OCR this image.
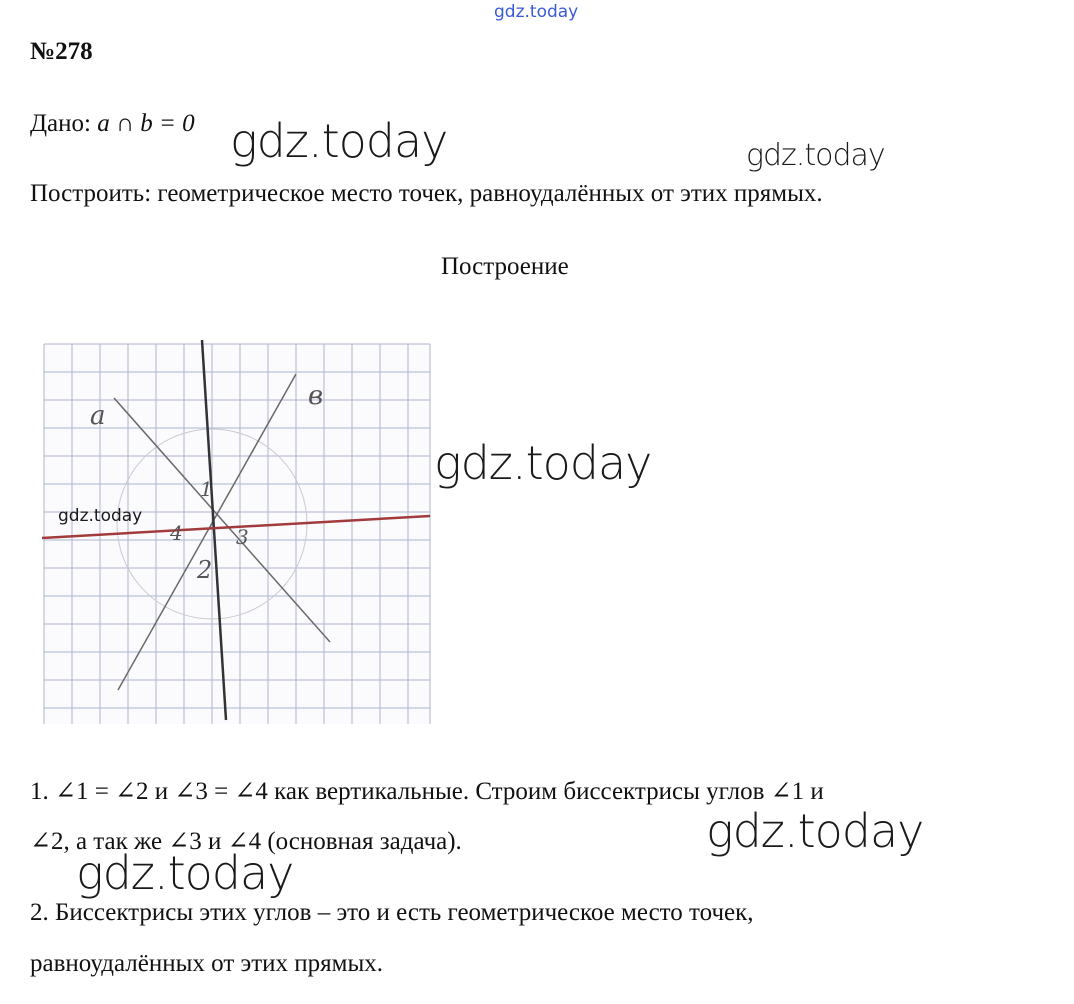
gdz.today
№278
Дано: a ∩ b = 0 gdz.today	gdz.today
Построить: геометрическое место точек, равноудалённых от этих прямых.
Построение
a
в
1
2
3
4
gdz.today
gdz.today
1. ∠1 = ∠2 и ∠3 = ∠4 как вертикальные. Строим биссектрисы углов ∠1 и
∠2, а так же ∠3 и ∠4 (основная задача).	gdz.today
gdz.today
2. Биссектрисы этих углов – это и есть геометрическое место точек,
равноудалённых от этих прямых.
